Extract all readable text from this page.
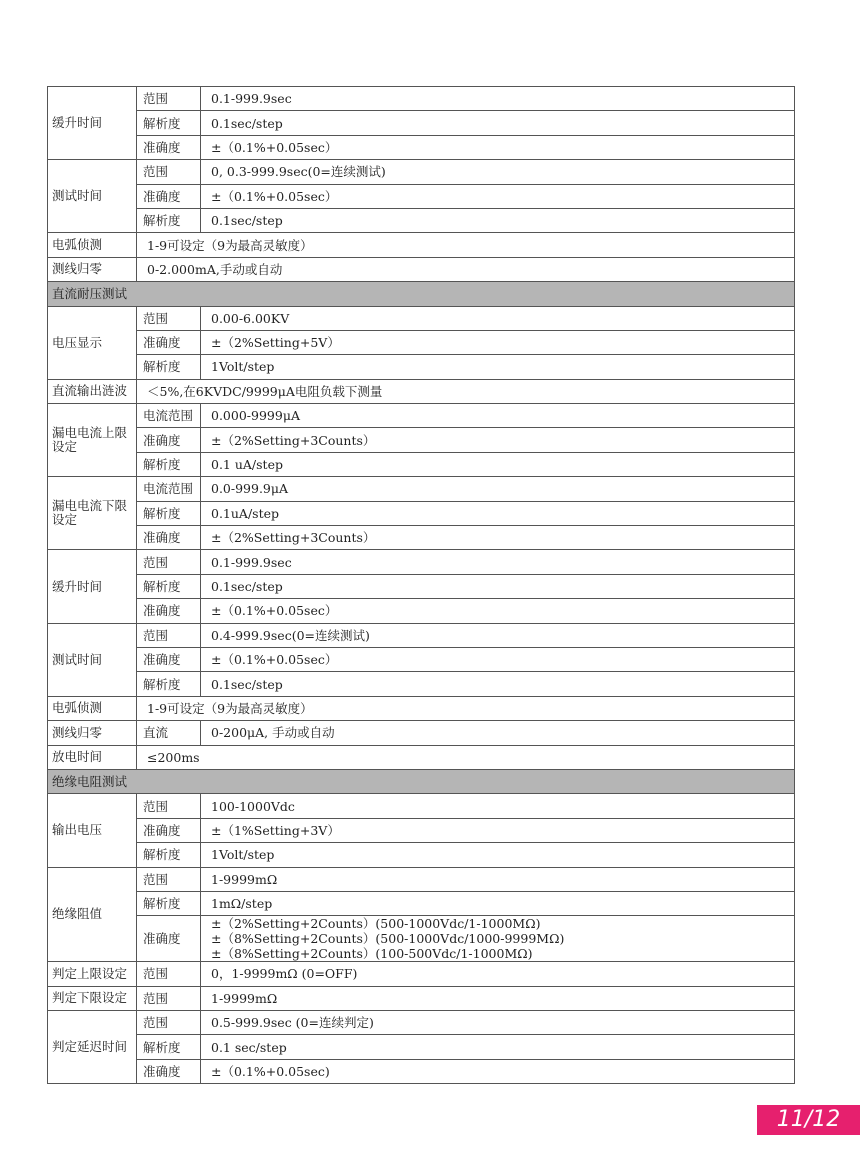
缓升时间	范围	0.1-999.9sec
	解析度	0.1sec/step
	准确度	±（0.1%+0.05sec）
测试时间	范围	0, 0.3-999.9sec(0=连续测试)
	准确度	±（0.1%+0.05sec）
	解析度	0.1sec/step
电弧侦测	1-9可设定（9为最高灵敏度）	
测线归零	0-2.000mA,手动或自动	
直流耐压测试		
电压显示	范围	0.00-6.00KV
	准确度	±（2%Setting+5V）
	解析度	1Volt/step
直流输出涟波	＜5%,在6KVDC/9999μA电阻负载下测量	
漏电电流上限设定	电流范围	0.000-9999μA
	准确度	±（2%Setting+3Counts）
	解析度	0.1 uA/step
漏电电流下限设定	电流范围	0.0-999.9μA
	解析度	0.1uA/step
	准确度	±（2%Setting+3Counts）
缓升时间	范围	0.1-999.9sec
	解析度	0.1sec/step
	准确度	±（0.1%+0.05sec）
测试时间	范围	0.4-999.9sec(0=连续测试)
	准确度	±（0.1%+0.05sec）
	解析度	0.1sec/step
电弧侦测	1-9可设定（9为最高灵敏度）	
测线归零	直流	0-200μA, 手动或自动
放电时间	≤200ms	
绝缘电阻测试		
输出电压	范围	100-1000Vdc
	准确度	±（1%Setting+3V）
	解析度	1Volt/step
绝缘阻值	范围	1-9999mΩ
	解析度	1mΩ/step
	准确度	±（2%Setting+2Counts）(500-1000Vdc/1-1000MΩ)
±（8%Setting+2Counts）(500-1000Vdc/1000-9999MΩ)
±（8%Setting+2Counts）(100-500Vdc/1-1000MΩ)

判定上限设定	范围	0，1-9999mΩ (0=OFF)
判定下限设定	范围	1-9999mΩ
判定延迟时间	范围	0.5-999.9sec (0=连续判定)
	解析度	0.1 sec/step
	准确度	±（0.1%+0.05sec)
11/12
